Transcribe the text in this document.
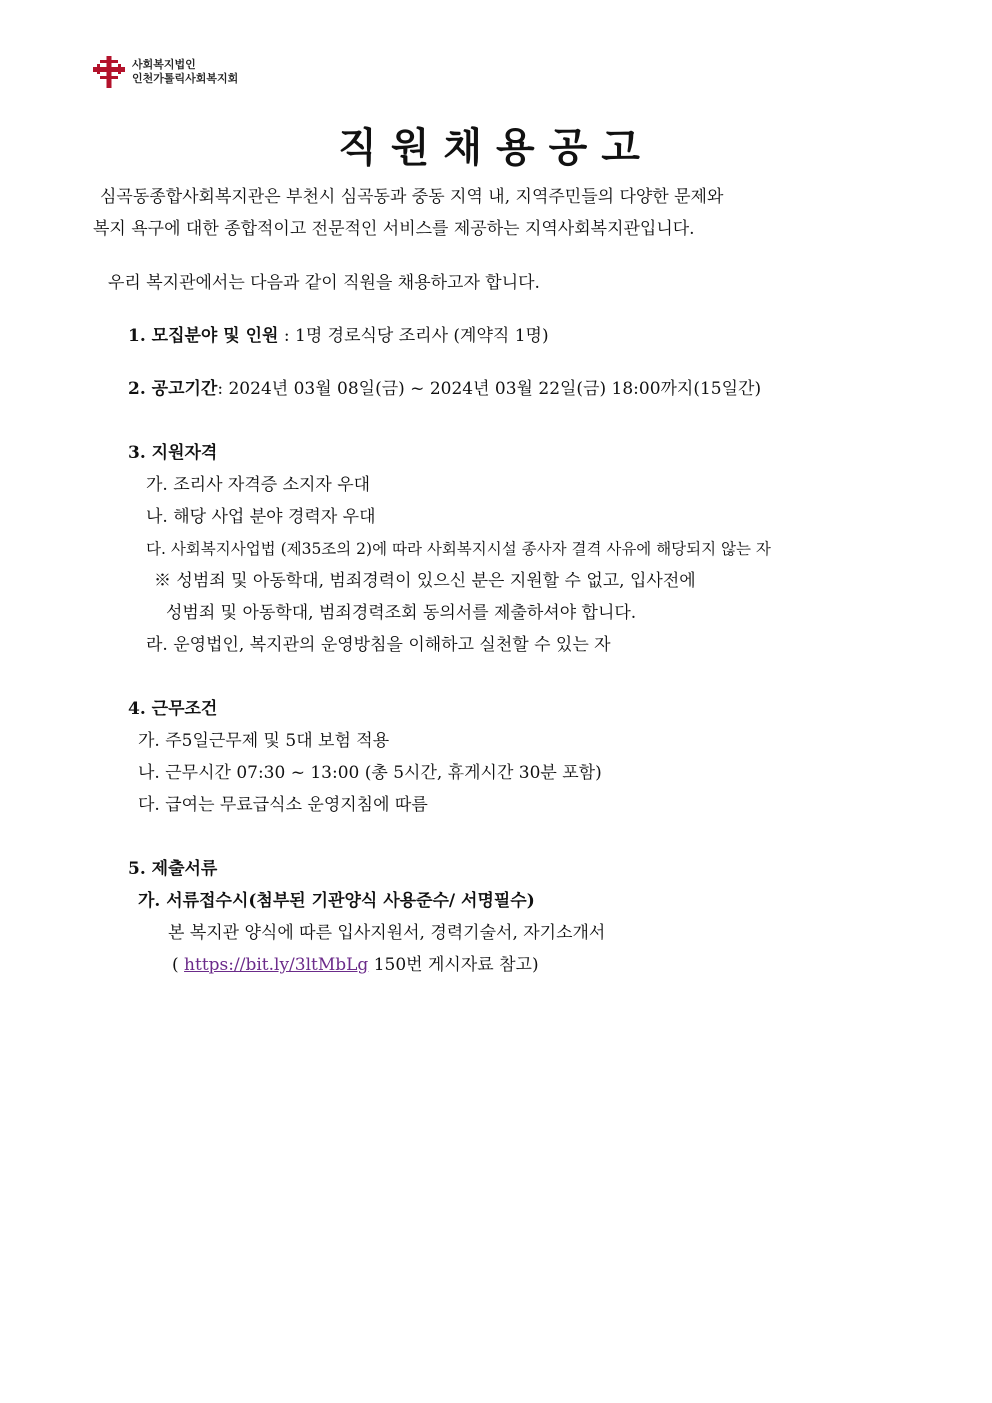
사회복지법인
인천가톨릭사회복지회
직원채용공고
심곡동종합사회복지관은 부천시 심곡동과 중동 지역 내, 지역주민들의 다양한 문제와
복지 욕구에 대한 종합적이고 전문적인 서비스를 제공하는 지역사회복지관입니다.
우리 복지관에서는 다음과 같이 직원을 채용하고자 합니다.
1. 모집분야 및 인원 : 1명 경로식당 조리사 (계약직 1명)
2. 공고기간: 2024년 03월 08일(금) ~ 2024년 03월 22일(금) 18:00까지(15일간)
3. 지원자격
가. 조리사 자격증 소지자 우대
나. 해당 사업 분야 경력자 우대
다. 사회복지사업법 (제35조의 2)에 따라 사회복지시설 종사자 결격 사유에 해당되지 않는 자
※ 성범죄 및 아동학대, 범죄경력이 있으신 분은 지원할 수 없고, 입사전에
성범죄 및 아동학대, 범죄경력조회 동의서를 제출하셔야 합니다.
라. 운영법인, 복지관의 운영방침을 이해하고 실천할 수 있는 자
4. 근무조건
가. 주5일근무제 및 5대 보험 적용
나. 근무시간 07:30 ~ 13:00 (총 5시간, 휴게시간 30분 포함)
다. 급여는 무료급식소 운영지침에 따름
5. 제출서류
가. 서류접수시(첨부된 기관양식 사용준수/ 서명필수)
본 복지관 양식에 따른 입사지원서, 경력기술서, 자기소개서
( https://bit.ly/3ltMbLg 150번 게시자료 참고)
